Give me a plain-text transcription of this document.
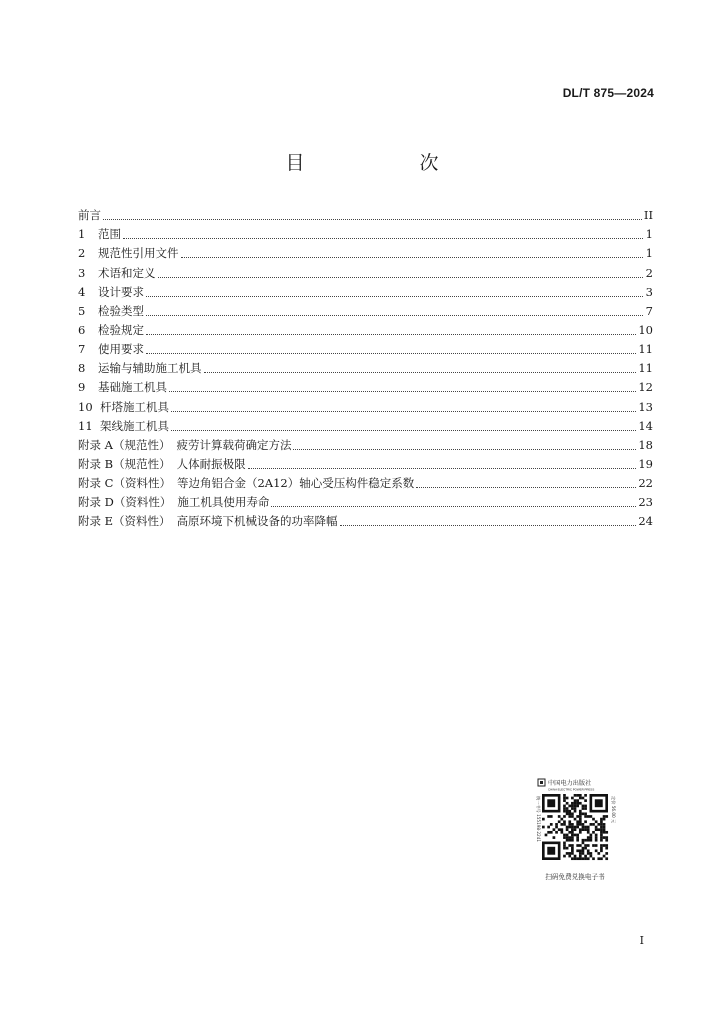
DL/T 875—2024
目　次
前言	II
1	范围	1
2	规范性引用文件	1
3	术语和定义	2
4	设计要求	3
5	检验类型	7
6	检验规定	10
7	使用要求	11
8	运输与辅助施工机具	11
9	基础施工机具	12
10 杆塔施工机具	13
11 架线施工机具	14
附录 A（规范性） 疲劳计算载荷确定方法	18
附录 B（规范性） 人体耐振极限	19
附录 C（资料性） 等边角铝合金（2A12）轴心受压构件稳定系数	22
附录 D（资料性） 施工机具使用寿命	23
附录 E（资料性） 高原环境下机械设备的功率降幅	24
中国电力出版社
CHINA ELECTRIC POWER PRESS
统一书号 155198·2241	定价 56.00 元
扫码免费兑换电子书
I
